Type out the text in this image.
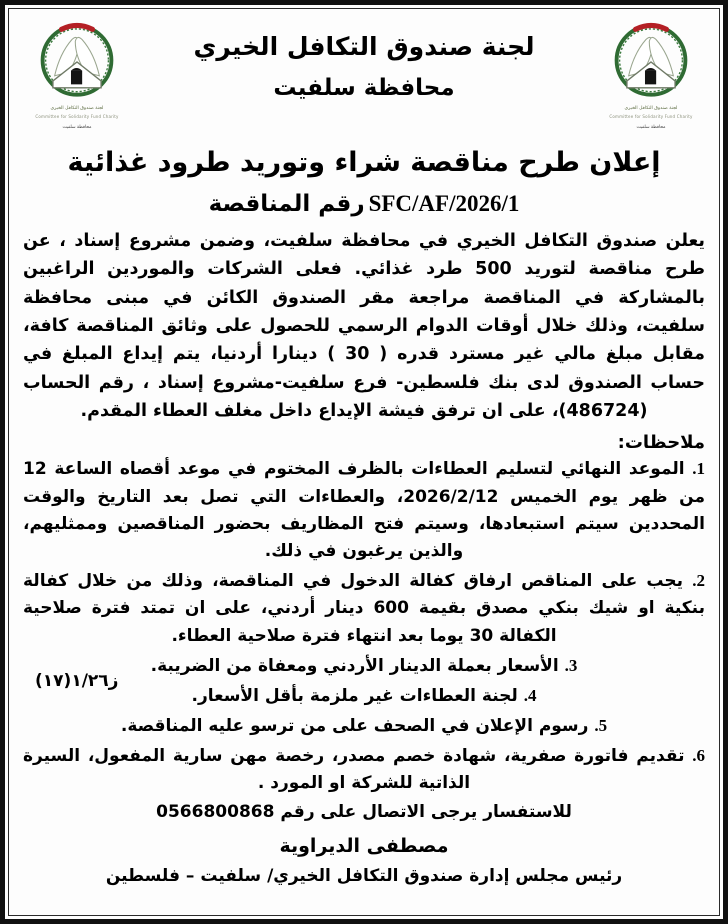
لجنة صندوق التكافل الخيري
Committee for Solidarity Fund Charity
محافظة سلفيت
لجنة صندوق التكافل الخيري
محافظة سلفيت
لجنة صندوق التكافل الخيري
Committee for Solidarity Fund Charity
محافظة سلفيت
إعلان طرح مناقصة شراء وتوريد طرود غذائية
SFC/AF/2026/1رقم المناقصة
يعلن صندوق التكافل الخيري في محافظة سلفيت، وضمن مشروع إسناد ، عن طرح مناقصة لتوريد 500 طرد غذائي. فعلى الشركات والموردين الراغبين بالمشاركة في المناقصة مراجعة مقر الصندوق الكائن في مبنى محافظة سلفيت، وذلك خلال أوقات الدوام الرسمي للحصول على وثائق المناقصة كافة، مقابل مبلغ مالي غير مسترد قدره ( 30 ) دينارا أردنيا، يتم إيداع المبلغ في حساب الصندوق لدى بنك فلسطين- فرع سلفيت-مشروع إسناد ، رقم الحساب (486724)، على ان ترفق فيشة الإيداع داخل مغلف العطاء المقدم.
ملاحظات:
1. الموعد النهائي لتسليم العطاءات بالظرف المختوم في موعد أقصاه الساعة 12 من ظهر يوم الخميس 2026/2/12، والعطاءات التي تصل بعد التاريخ والوقت المحددين سيتم استبعادها، وسيتم فتح المظاريف بحضور المناقصين وممثليهم، والذين يرغبون في ذلك.
2. يجب على المناقص ارفاق كفالة الدخول في المناقصة، وذلك من خلال كفالة بنكية او شيك بنكي مصدق بقيمة 600 دينار أردني، على ان تمتد فترة صلاحية الكفالة 30 يوما بعد انتهاء فترة صلاحية العطاء.
3. الأسعار بعملة الدينار الأردني ومعفاة من الضريبة.
4. لجنة العطاءات غير ملزمة بأقل الأسعار.
5. رسوم الإعلان في الصحف على من ترسو عليه المناقصة.
6. تقديم فاتورة صفرية، شهادة خصم مصدر، رخصة مهن سارية المفعول، السيرة الذاتية للشركة او المورد .
للاستفسار يرجى الاتصال على رقم 0566800868
مصطفى الديراوية
رئيس مجلس إدارة صندوق التكافل الخيري/ سلفيت – فلسطين
ز١/٢٦(١٧)
